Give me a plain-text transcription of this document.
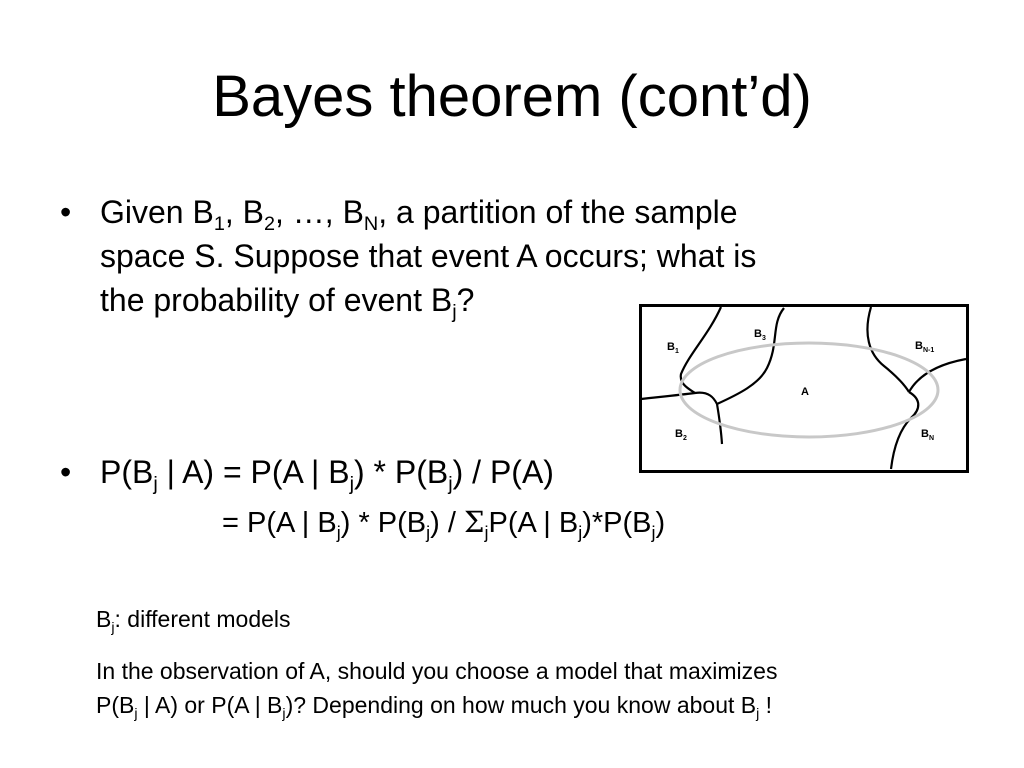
Bayes theorem (cont’d)
• Given $B_1$, $B_2$, …, $B_N$, a partition of the sample
space S. Suppose that event A occurs; what is
the probability of event $B_j$?
• $P(B_j$ | A) = P(A | $B_j) * P(B_j) / P(A)$
= P(A | $B_j) * P(B_j) / \Sigma_jP(A$ | $B_j)*P(B_j)$
$B_j$: different models
In the observation of A, should you choose a model that maximizes
$P(B_j$ | A) or P(A | $B_j$)? Depending on how much you know about $B_j$ !
$B_1$
$B_3$
$B_{N-1}$
A
$B_2$	$B_N$
